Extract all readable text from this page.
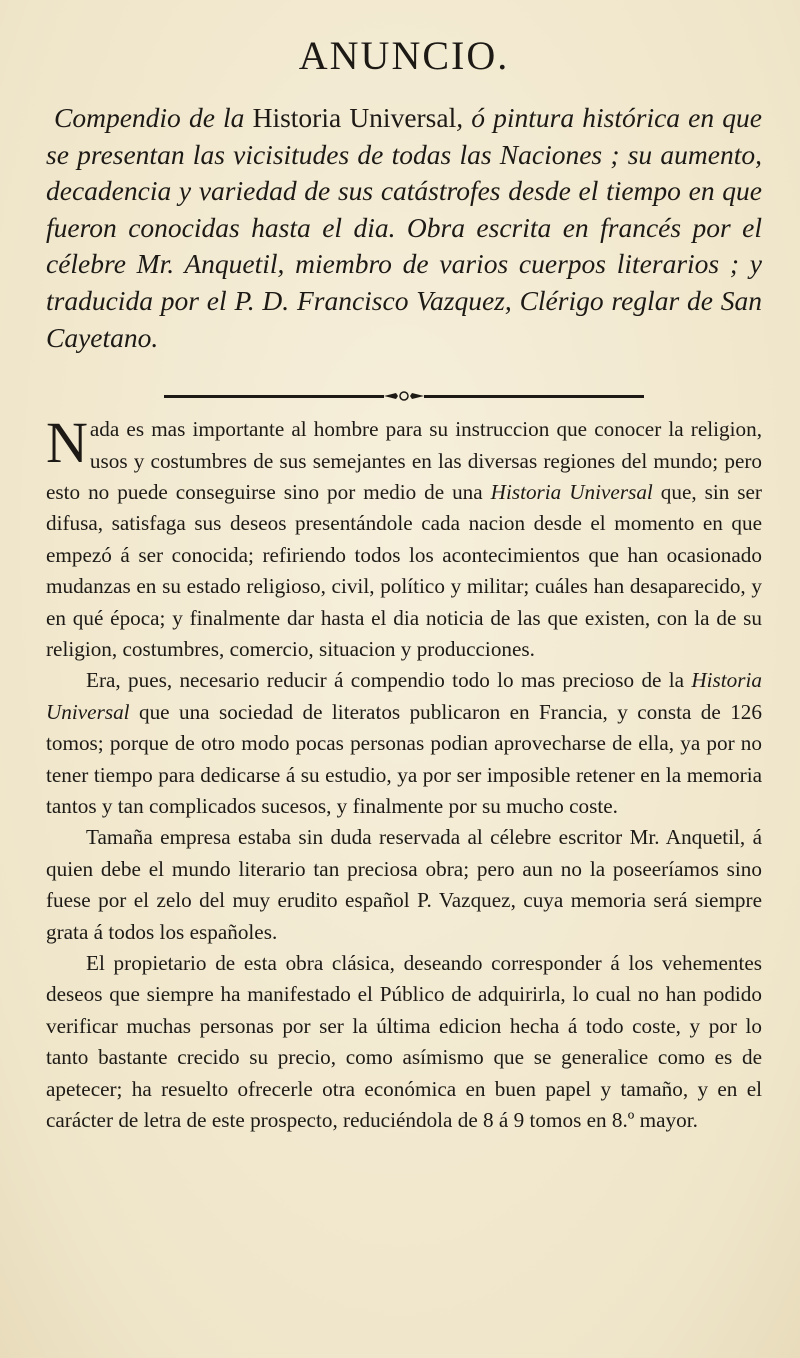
ANUNCIO.
Compendio de la Historia Universal, ó pintura histórica en que se presentan las vicisitudes de todas las Naciones ; su aumento, decadencia y variedad de sus catástrofes desde el tiempo en que fueron conocidas hasta el dia. Obra escrita en francés por el célebre Mr. Anquetil, miembro de varios cuerpos literarios ; y traducida por el P. D. Francisco Vazquez, Clérigo reglar de San Cayetano.

Nada es mas importante al hombre para su instruccion que conocer la religion, usos y costumbres de sus semejantes en las diversas regiones del mundo; pero esto no puede conseguirse sino por medio de una Historia Universal que, sin ser difusa, satisfaga sus deseos presentándole cada nacion desde el momento en que empezó á ser conocida; refiriendo todos los acontecimientos que han ocasionado mudanzas en su estado religioso, civil, político y militar; cuáles han desaparecido, y en qué época; y finalmente dar hasta el dia noticia de las que existen, con la de su religion, costumbres, comercio, situacion y producciones.

Era, pues, necesario reducir á compendio todo lo mas precioso de la Historia Universal que una sociedad de literatos publicaron en Francia, y consta de 126 tomos; porque de otro modo pocas personas podian aprovecharse de ella, ya por no tener tiempo para dedicarse á su estudio, ya por ser imposible retener en la memoria tantos y tan complicados sucesos, y finalmente por su mucho coste.

Tamaña empresa estaba sin duda reservada al célebre escritor Mr. Anquetil, á quien debe el mundo literario tan preciosa obra; pero aun no la poseeríamos sino fuese por el zelo del muy erudito español P. Vazquez, cuya memoria será siempre grata á todos los españoles.

El propietario de esta obra clásica, deseando corresponder á los vehementes deseos que siempre ha manifestado el Público de adquirirla, lo cual no han podido verificar muchas personas por ser la última edicion hecha á todo coste, y por lo tanto bastante crecido su precio, como asímismo que se generalice como es de apetecer; ha resuelto ofrecerle otra económica en buen papel y tamaño, y en el carácter de letra de este prospecto, reduciéndola de 8 á 9 tomos en 8.º mayor.
